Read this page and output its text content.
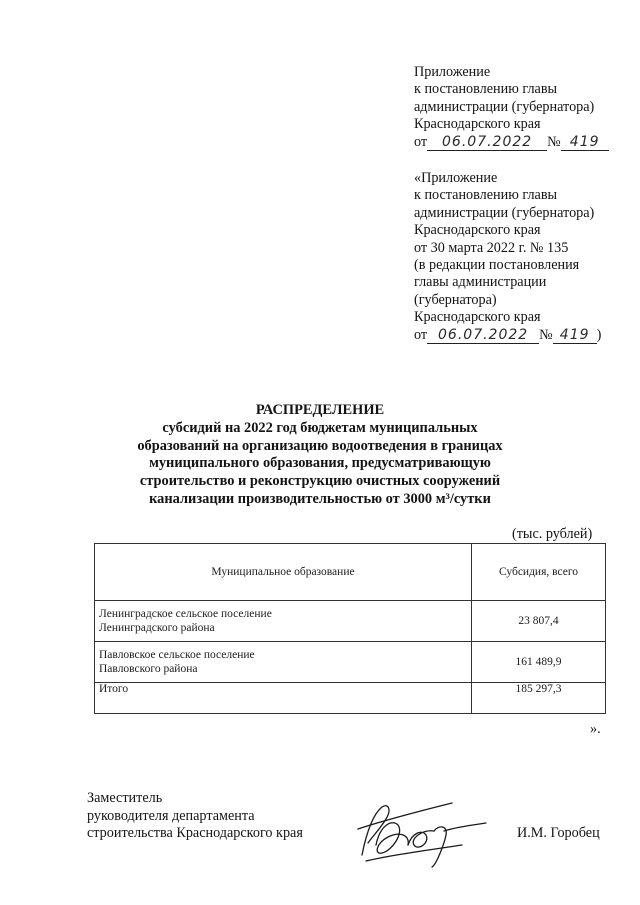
Приложение
к постановлению главы
администрации (губернатора)
Краснодарского края
от 06.07.2022 № 419
«Приложение
к постановлению главы
администрации (губернатора)
Краснодарского края
от 30 марта 2022 г. № 135
(в редакции постановления
главы администрации
(губернатора)
Краснодарского края
от 06.07.2022 № 419 )
РАСПРЕДЕЛЕНИЕ
субсидий на 2022 год бюджетам муниципальных
образований на организацию водоотведения в границах
муниципального образования, предусматривающую
строительство и реконструкцию очистных сооружений
канализации производительностью от 3000 м³/сутки
(тыс. рублей)
Муниципальное образование	Субсидия, всего

Ленинградское сельское поселение
Ленинградского района	23 807,4

Павловское сельское поселение
Павловского района	161 489,9
Итого	185 297,3
».
Заместитель
руководителя департамента
строительства Краснодарского края	И.М. Горобец
